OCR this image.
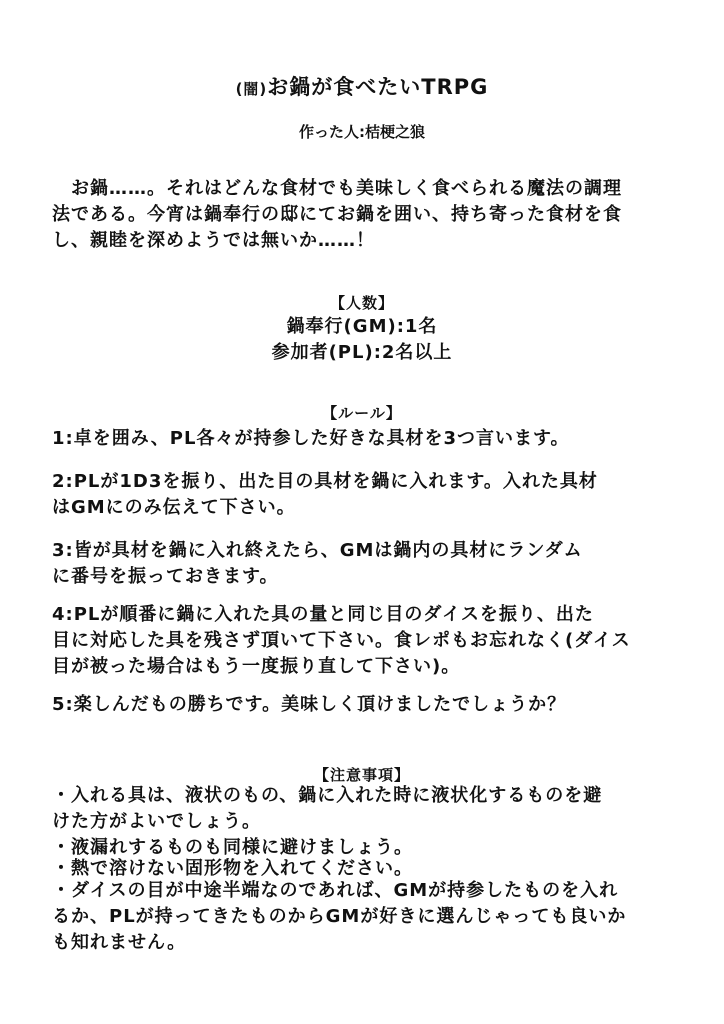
(闇)お鍋が食べたいTRPG
作った人:桔梗之狼
　お鍋……。それはどんな食材でも美味しく食べられる魔法の調理
法である。今宵は鍋奉行の邸にてお鍋を囲い、持ち寄った食材を食
し、親睦を深めようでは無いか……！
【人数】
鍋奉行(GM):1名
参加者(PL):2名以上
【ルール】
1:卓を囲み、PL各々が持参した好きな具材を3つ言います。
2:PLが1D3を振り、出た目の具材を鍋に入れます。入れた具材
はGMにのみ伝えて下さい。
3:皆が具材を鍋に入れ終えたら、GMは鍋内の具材にランダム
に番号を振っておきます。
4:PLが順番に鍋に入れた具の量と同じ目のダイスを振り、出た
目に対応した具を残さず頂いて下さい。食レポもお忘れなく(ダイス
目が被った場合はもう一度振り直して下さい)。
5:楽しんだもの勝ちです。美味しく頂けましたでしょうか？
【注意事項】
・入れる具は、液状のもの、鍋に入れた時に液状化するものを避
けた方がよいでしょう。
・液漏れするものも同様に避けましょう。
・熱で溶けない固形物を入れてください。
・ダイスの目が中途半端なのであれば、GMが持参したものを入れ
るか、PLが持ってきたものからGMが好きに選んじゃっても良いか
も知れません。
